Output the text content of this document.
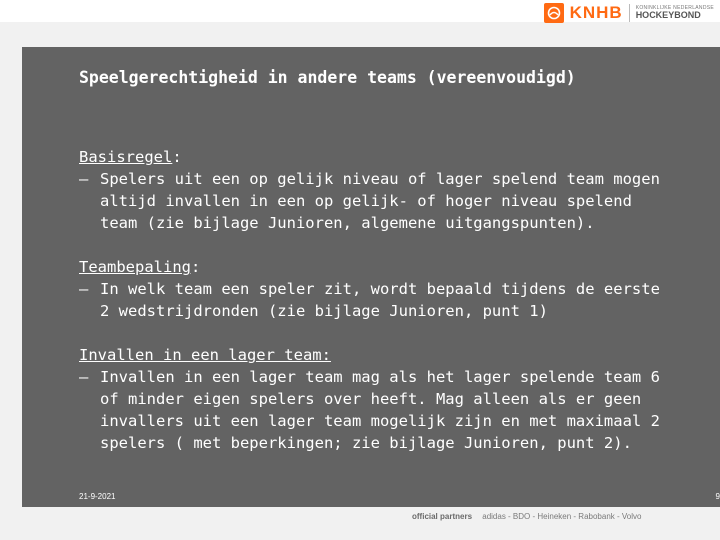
KNHB	KONINKLIJKE NEDERLANDSE
HOCKEYBOND
Speelgerechtigheid in andere teams (vereenvoudigd)
Basisregel:
– Spelers uit een op gelijk niveau of lager spelend team mogen altijd invallen in een op gelijk- of hoger niveau spelend team (zie bijlage Junioren, algemene uitgangspunten).
Teambepaling:
– In welk team een speler zit, wordt bepaald tijdens de eerste 2 wedstrijdronden (zie bijlage Junioren, punt 1)
Invallen in een lager team:
– Invallen in een lager team mag als het lager spelende team 6 of minder eigen spelers over heeft. Mag alleen als er geen invallers uit een lager team mogelijk zijn en met maximaal 2 spelers ( met beperkingen; zie bijlage Junioren, punt 2).
21-9-2021	9
official partners adidas - BDO - Heineken - Rabobank - Volvo
